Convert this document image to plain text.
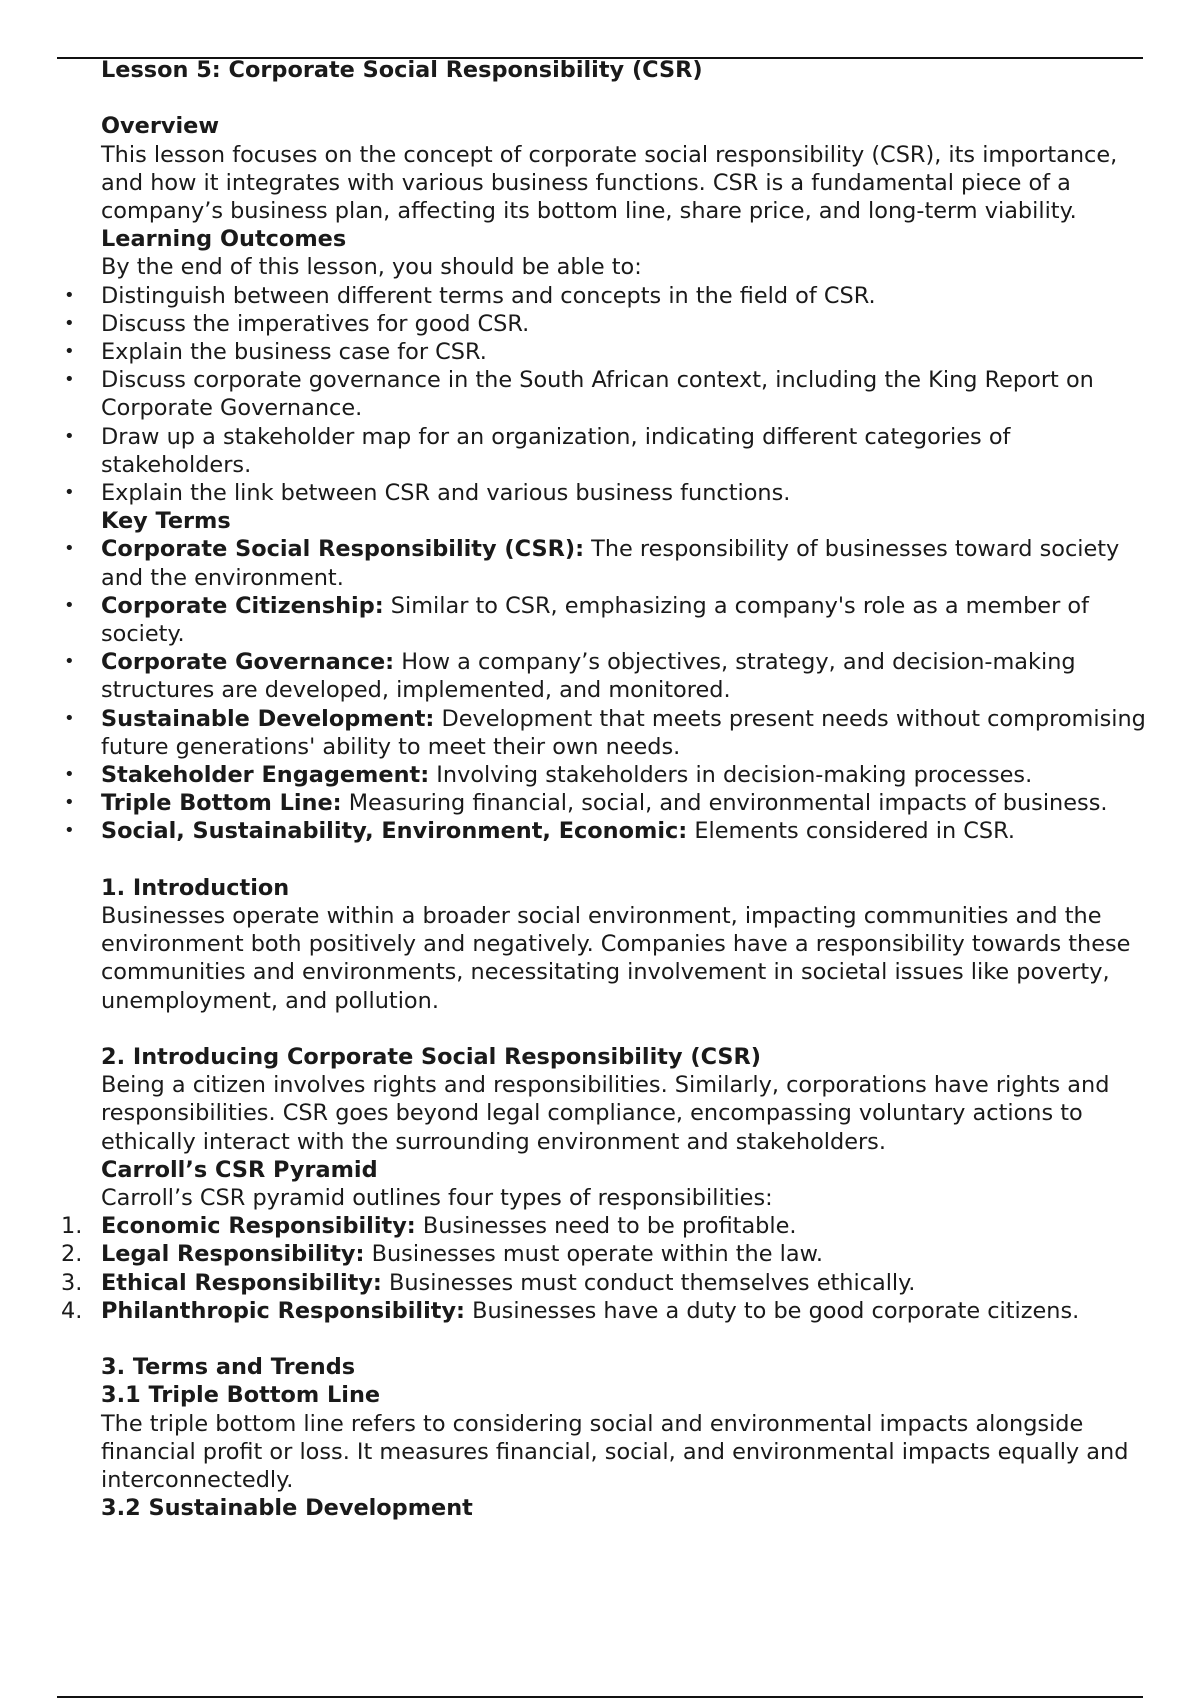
Lesson 5: Corporate Social Responsibility (CSR)
Overview
This lesson focuses on the concept of corporate social responsibility (CSR), its importance, and how it integrates with various business functions. CSR is a fundamental piece of a company’s business plan, affecting its bottom line, share price, and long-term viability.
Learning Outcomes
By the end of this lesson, you should be able to:
• Distinguish between different terms and concepts in the field of CSR.
• Discuss the imperatives for good CSR.
• Explain the business case for CSR.
• Discuss corporate governance in the South African context, including the King Report on Corporate Governance.
• Draw up a stakeholder map for an organization, indicating different categories of stakeholders.
• Explain the link between CSR and various business functions.
Key Terms
• Corporate Social Responsibility (CSR): The responsibility of businesses toward society and the environment.
• Corporate Citizenship: Similar to CSR, emphasizing a company's role as a member of society.
• Corporate Governance: How a company’s objectives, strategy, and decision-making structures are developed, implemented, and monitored.
• Sustainable Development: Development that meets present needs without compromising future generations' ability to meet their own needs.
• Stakeholder Engagement: Involving stakeholders in decision-making processes.
• Triple Bottom Line: Measuring financial, social, and environmental impacts of business.
• Social, Sustainability, Environment, Economic: Elements considered in CSR.
1. Introduction
Businesses operate within a broader social environment, impacting communities and the environment both positively and negatively. Companies have a responsibility towards these communities and environments, necessitating involvement in societal issues like poverty, unemployment, and pollution.
2. Introducing Corporate Social Responsibility (CSR)
Being a citizen involves rights and responsibilities. Similarly, corporations have rights and responsibilities. CSR goes beyond legal compliance, encompassing voluntary actions to ethically interact with the surrounding environment and stakeholders.
Carroll’s CSR Pyramid
Carroll’s CSR pyramid outlines four types of responsibilities:
1. Economic Responsibility: Businesses need to be profitable.
2. Legal Responsibility: Businesses must operate within the law.
3. Ethical Responsibility: Businesses must conduct themselves ethically.
4. Philanthropic Responsibility: Businesses have a duty to be good corporate citizens.
3. Terms and Trends
3.1 Triple Bottom Line
The triple bottom line refers to considering social and environmental impacts alongside financial profit or loss. It measures financial, social, and environmental impacts equally and interconnectedly.
3.2 Sustainable Development
